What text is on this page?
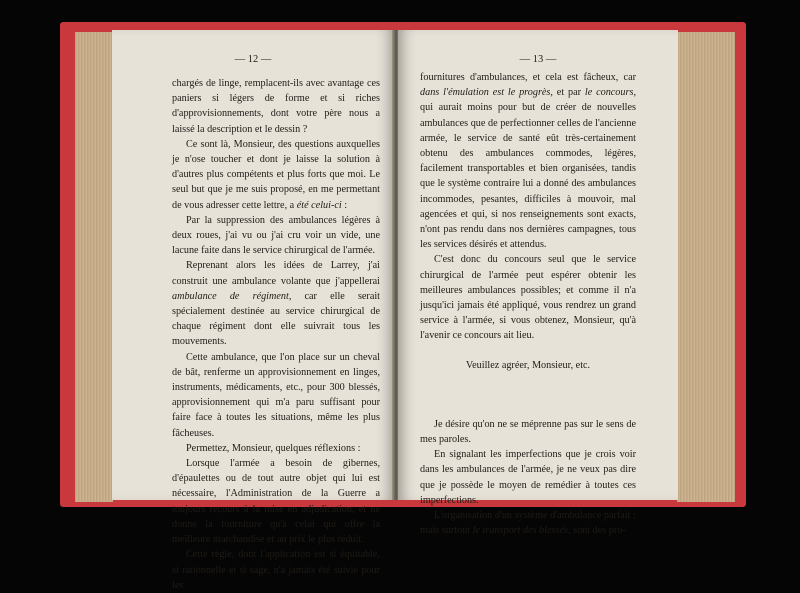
— 12 —

chargés de linge, remplacent-ils avec avantage ces paniers si légers de forme et si riches d'approvisionnements, dont votre père nous a laissé la description et le dessin ?

Ce sont là, Monsieur, des questions auxquelles je n'ose toucher et dont je laisse la solution à d'autres plus compétents et plus forts que moi. Le seul but que je me suis proposé, en me permettant de vous adresser cette lettre, a été celui-ci :

Par la suppression des ambulances légères à deux roues, j'ai vu ou j'ai cru voir un vide, une lacune faite dans le service chirurgical de l'armée.

Reprenant alors les idées de Larrey, j'ai construit une ambulance volante que j'appellerai ambulance de régiment, car elle serait spécialement destinée au service chirurgical de chaque régiment dont elle suivrait tous les mouvements.

Cette ambulance, que l'on place sur un cheval de bât, renferme un approvisionnement en linges, instruments, médicaments, etc., pour 300 blessés, approvisionnement qui m'a paru suffisant pour faire face à toutes les situations, même les plus fâcheuses.

Permettez, Monsieur, quelques réflexions :

Lorsque l'armée a besoin de gibernes, d'épaulettes ou de tout autre objet qui lui est nécessaire, l'Administration de la Guerre a toujours recours à la mise en adjudication, et ne donne la fourniture qu'à celui qui offre la meilleure marchandise et au prix le plus réduit.

Cette règle, dont l'application est si équitable, si rationnelle et si sage, n'a jamais été suivie pour les

— 13 —

fournitures d'ambulances, et cela est fâcheux, car dans l'émulation est le progrès, et par le concours, qui aurait moins pour but de créer de nouvelles ambulances que de perfectionner celles de l'ancienne armée, le service de santé eût très-certainement obtenu des ambulances commodes, légères, facilement transportables et bien organisées, tandis que le système contraire lui a donné des ambulances incommodes, pesantes, difficiles à mouvoir, mal agencées et qui, si nos renseignements sont exacts, n'ont pas rendu dans nos dernières campagnes, tous les services désirés et attendus.

C'est donc du concours seul que le service chirurgical de l'armée peut espérer obtenir les meilleures ambulances possibles; et comme il n'a jusqu'ici jamais été appliqué, vous rendrez un grand service à l'armée, si vous obtenez, Monsieur, qu'à l'avenir ce concours ait lieu.

Veuillez agréer, Monsieur, etc.

Je désire qu'on ne se méprenne pas sur le sens de mes paroles.

En signalant les imperfections que je crois voir dans les ambulances de l'armée, je ne veux pas dire que je possède le moyen de remédier à toutes ces imperfections.

L'organisation d'un système d'ambulance parfait ; mais surtout le transport des blessés, sont des pro-
